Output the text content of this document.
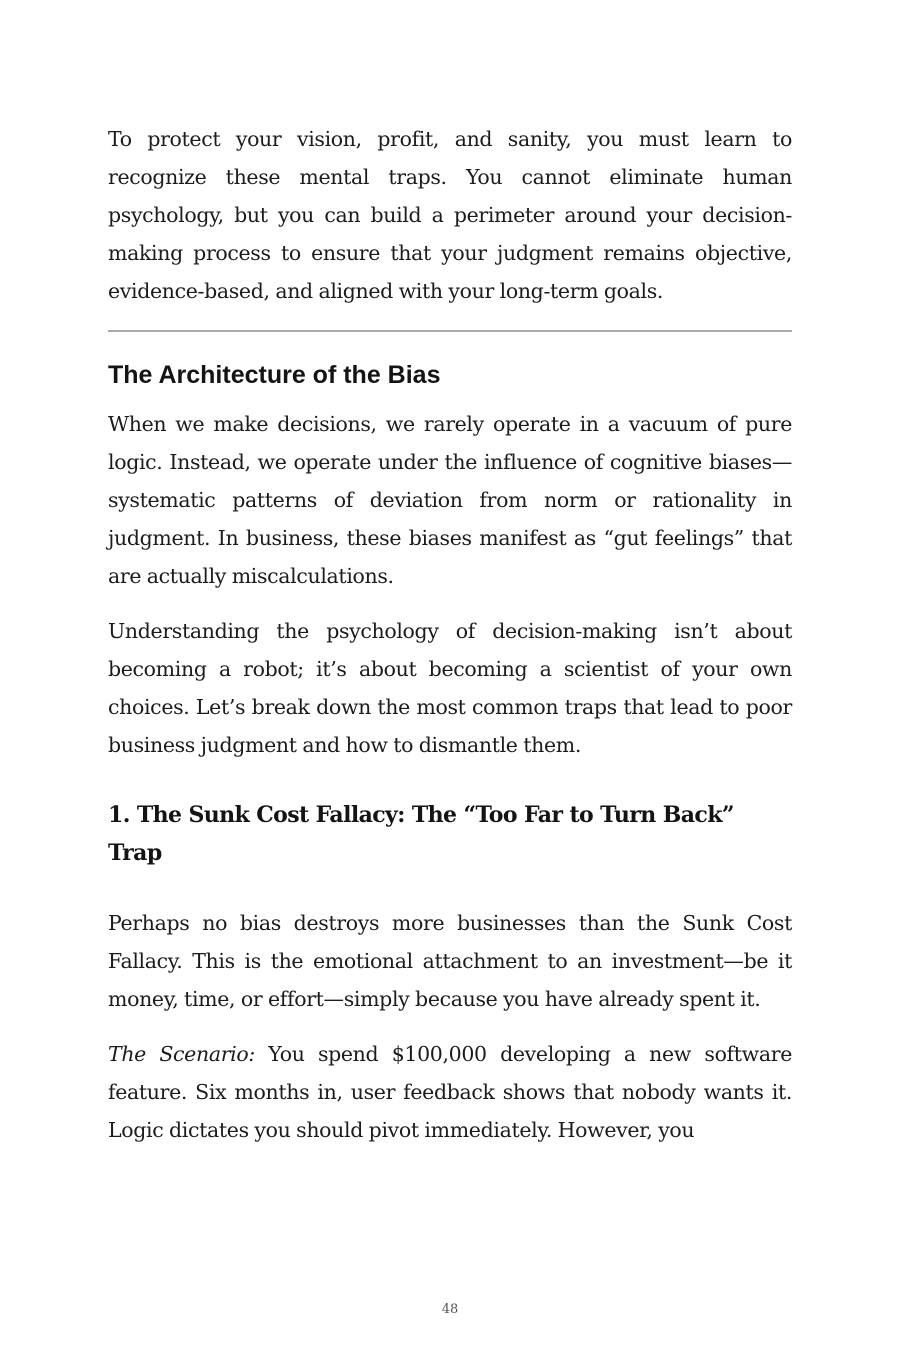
To protect your vision, profit, and sanity, you must learn to recognize these mental traps. You cannot eliminate human psychology, but you can build a perimeter around your decision-making process to ensure that your judgment remains objective, evidence-based, and aligned with your long-term goals.

The Architecture of the Bias

When we make decisions, we rarely operate in a vacuum of pure logic. Instead, we operate under the influence of cognitive biases—systematic patterns of deviation from norm or rationality in judgment. In business, these biases manifest as “gut feelings” that are actually miscalculations.

Understanding the psychology of decision-making isn’t about becoming a robot; it’s about becoming a scientist of your own choices. Let’s break down the most common traps that lead to poor business judgment and how to dismantle them.

1. The Sunk Cost Fallacy: The “Too Far to Turn Back” Trap

Perhaps no bias destroys more businesses than the Sunk Cost Fallacy. This is the emotional attachment to an investment—be it money, time, or effort—simply because you have already spent it.

The Scenario: You spend $100,000 developing a new software feature. Six months in, user feedback shows that nobody wants it. Logic dictates you should pivot immediately. However, you

48
